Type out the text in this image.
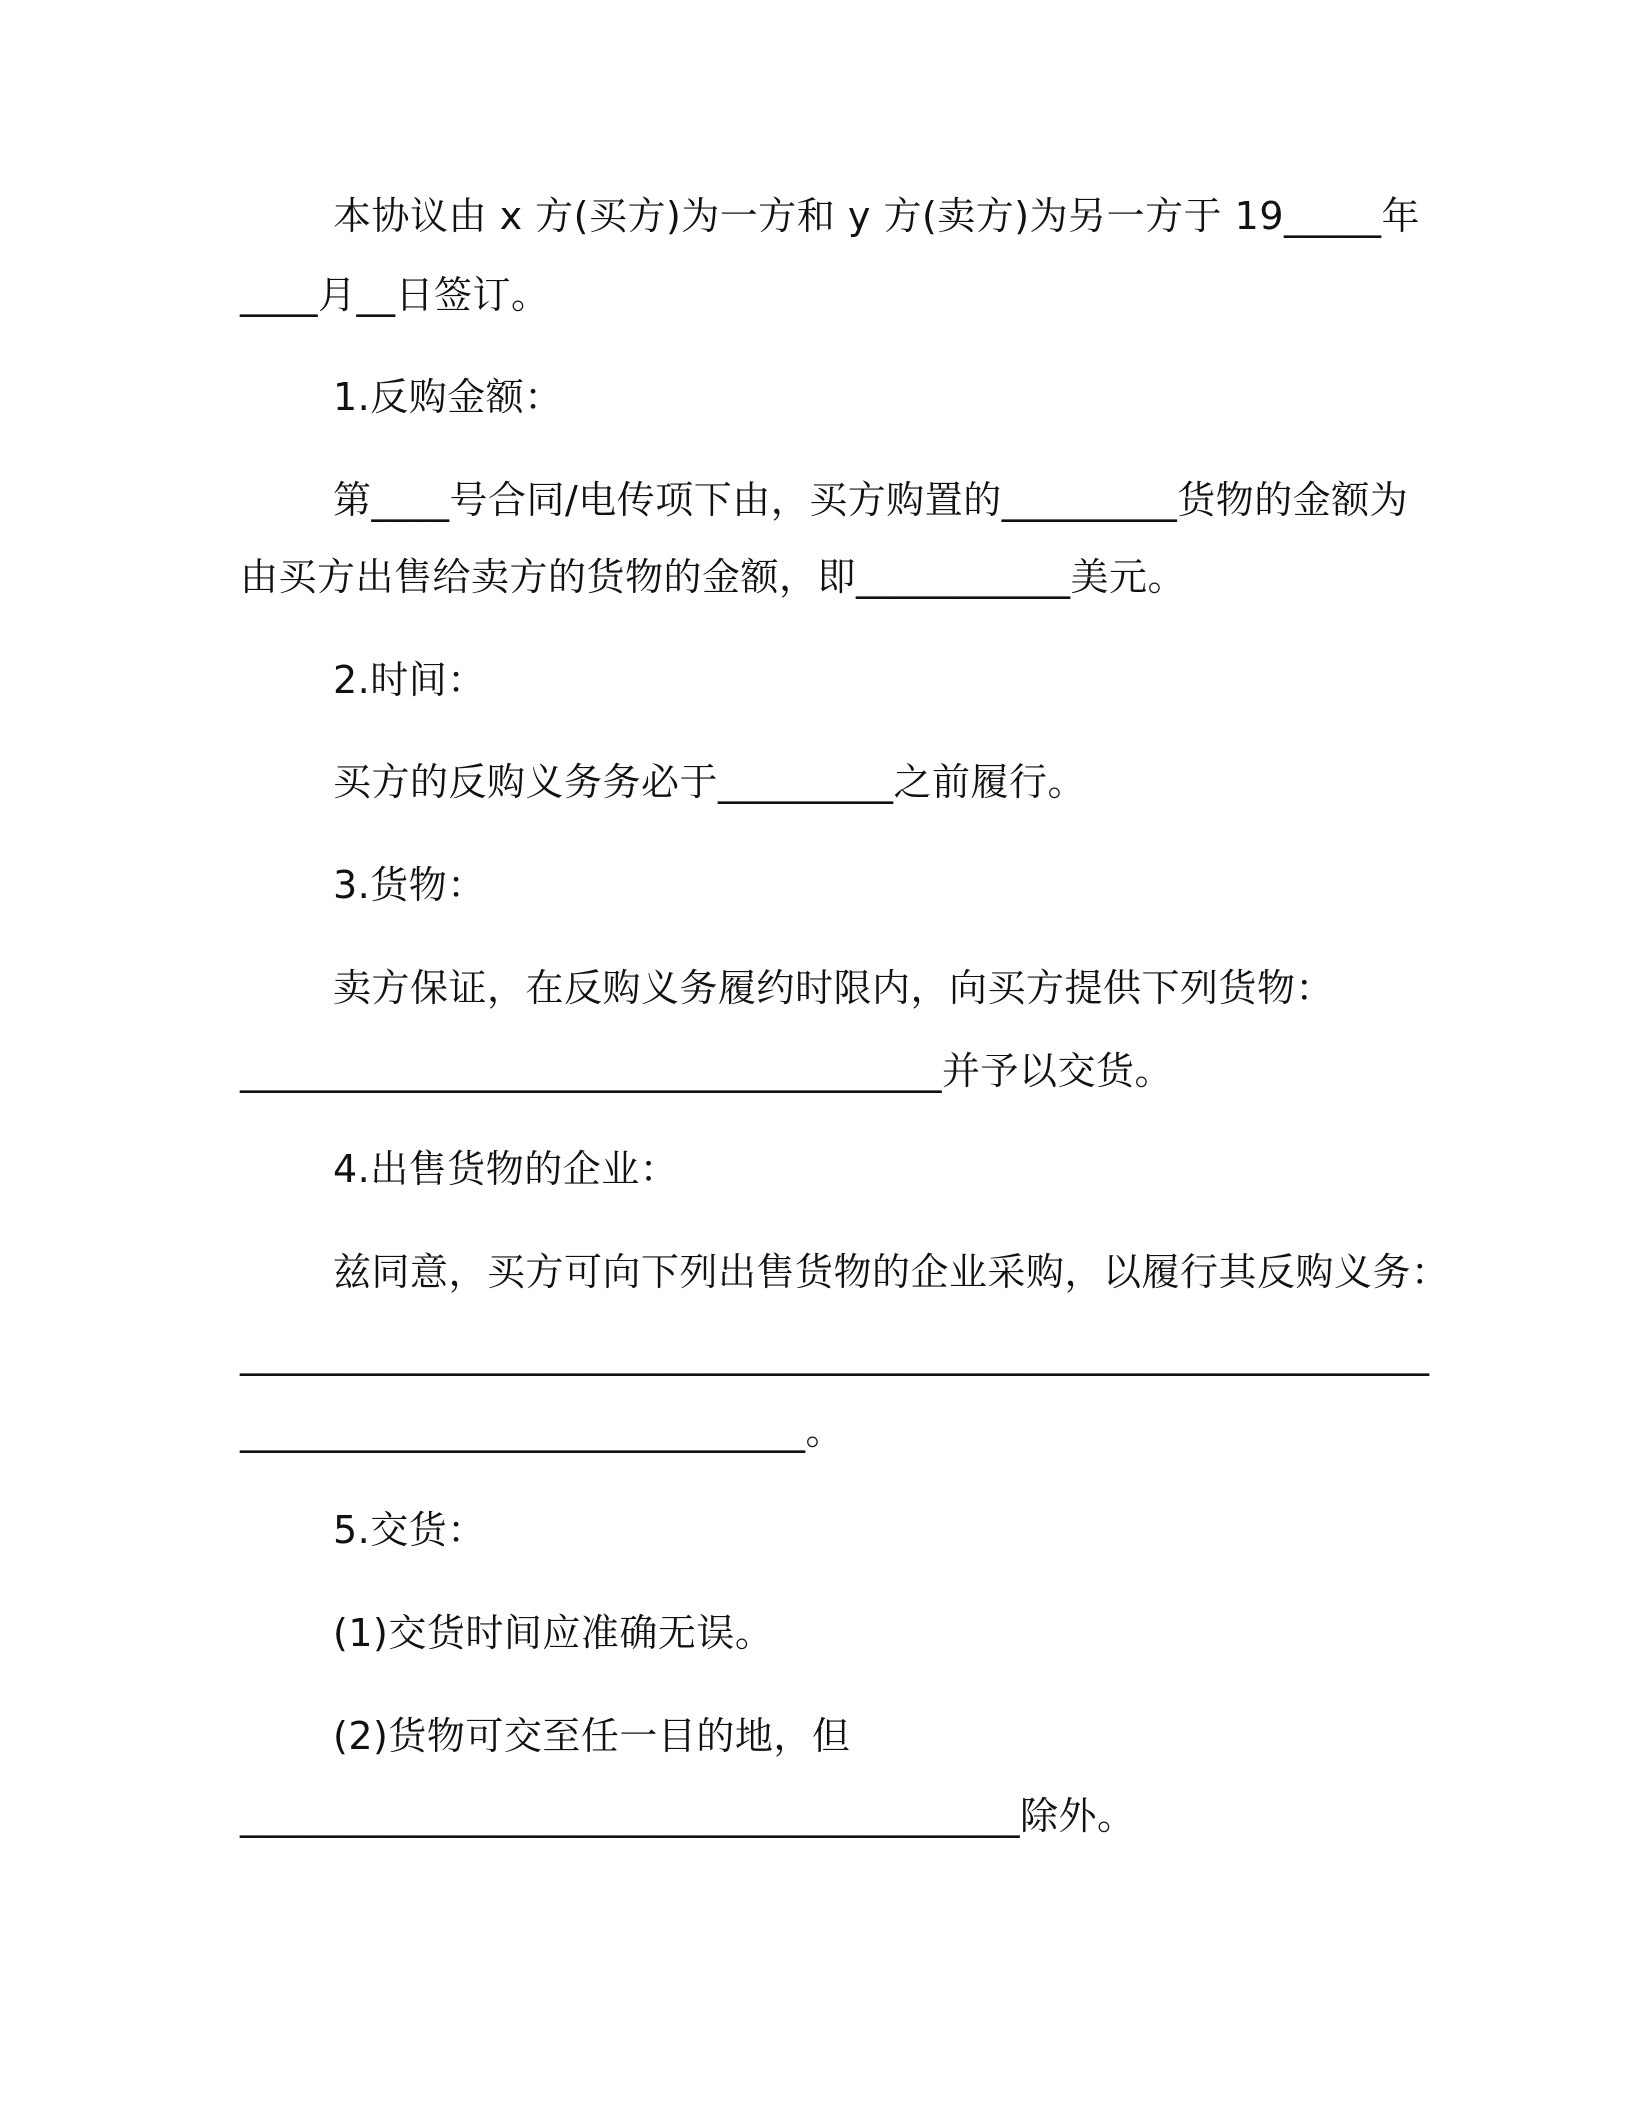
本协议由 x 方(买方)为一方和 y 方(卖方)为另一方于 19_____年
____月__日签订。
1.反购金额：
第____号合同/电传项下由，买方购置的_________货物的金额为
由买方出售给卖方的货物的金额，即___________美元。
2.时间：
买方的反购义务务必于_________之前履行。
3.货物：
卖方保证，在反购义务履约时限内，向买方提供下列货物：
____________________________________并予以交货。
4.出售货物的企业：
兹同意，买方可向下列出售货物的企业采购，以履行其反购义务：
_____________________________________________________________
_____________________________。
5.交货：
(1)交货时间应准确无误。
(2)货物可交至任一目的地，但
________________________________________除外。
